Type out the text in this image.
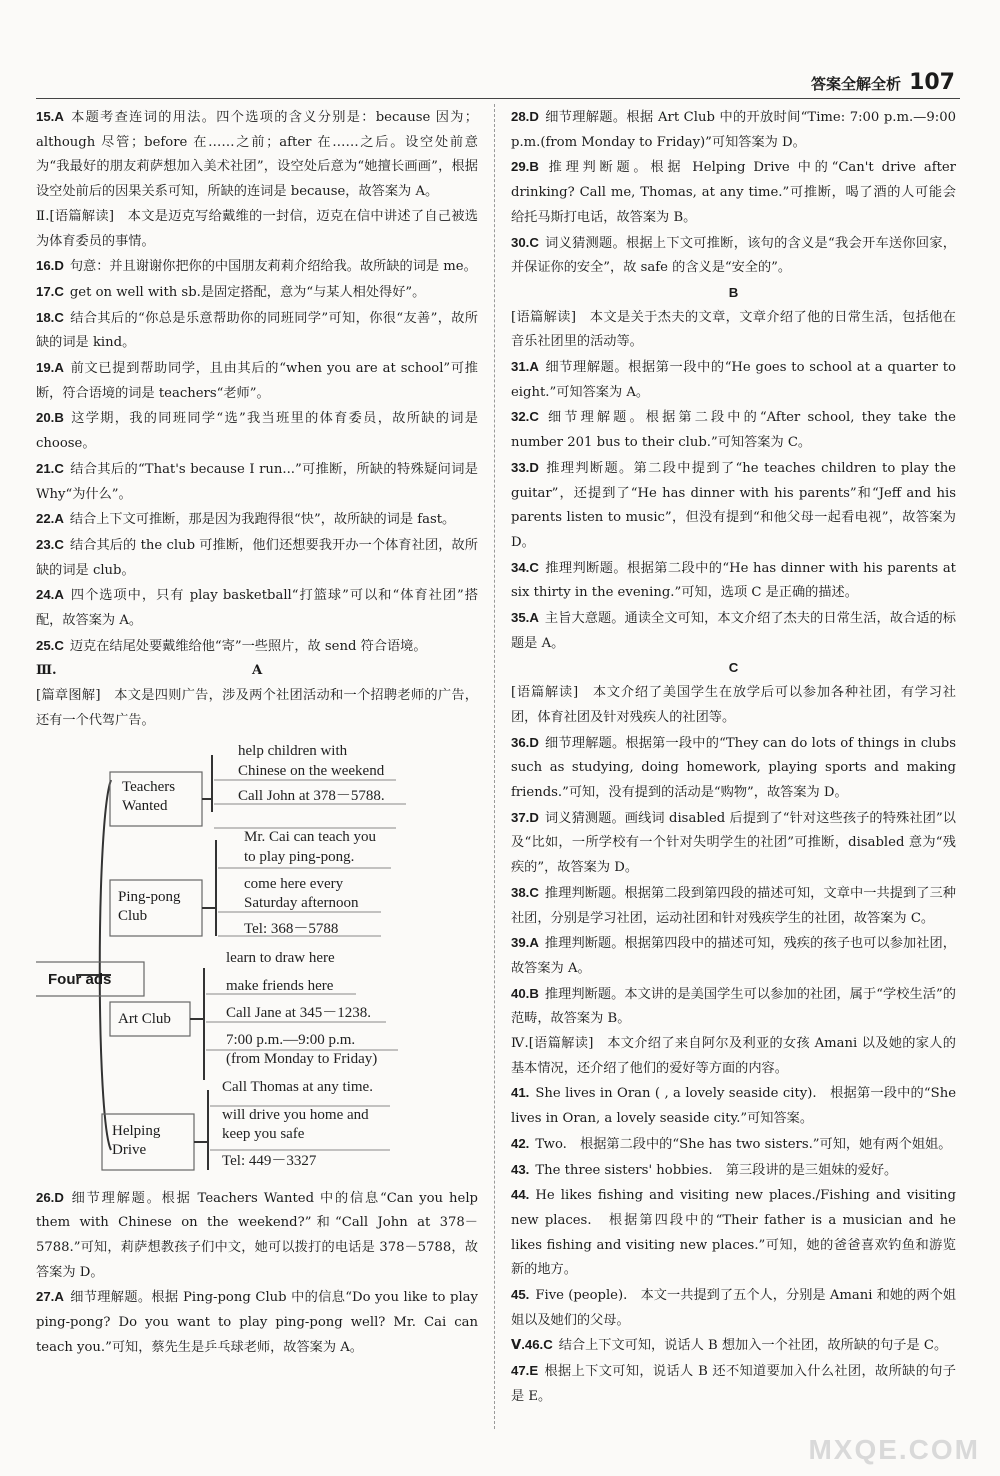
答案全解全析 107

15.A 本题考查连词的用法。四个选项的含义分别是：because 因为；although 尽管；before 在……之前；after 在……之后。设空处前意为“我最好的朋友莉萨想加入美术社团”，设空处后意为“她擅长画画”，根据设空处前后的因果关系可知，所缺的连词是 because，故答案为 A。

Ⅱ.[语篇解读]　本文是迈克写给戴维的一封信，迈克在信中讲述了自己被选为体育委员的事情。

16.D 句意：并且谢谢你把你的中国朋友莉莉介绍给我。故所缺的词是 me。

17.C get on well with sb.是固定搭配，意为“与某人相处得好”。

18.C 结合其后的“你总是乐意帮助你的同班同学”可知，你很“友善”，故所缺的词是 kind。

19.A 前文已提到帮助同学，且由其后的“when you are at school”可推断，符合语境的词是 teachers“老师”。

20.B 这学期，我的同班同学“选”我当班里的体育委员，故所缺的词是 choose。

21.C 结合其后的“That's because I run...”可推断，所缺的特殊疑问词是 Why“为什么”。

22.A 结合上下文可推断，那是因为我跑得很“快”，故所缺的词是 fast。

23.C 结合其后的 the club 可推断，他们还想要我开办一个体育社团，故所缺的词是 club。

24.A 四个选项中，只有 play basketball“打篮球”可以和“体育社团”搭配，故答案为 A。

25.C 迈克在结尾处要戴维给他“寄”一些照片，故 send 符合语境。

Ⅲ.	A

[篇章图解]　本文是四则广告，涉及两个社团活动和一个招聘老师的广告，还有一个代驾广告。

Four ads
Teachers
Wanted
Ping-pong
Club
Art Club
Helping
Drive
help children with
Chinese on the weekend
Call John at 378－5788.
Mr. Cai can teach you
to play ping-pong.
come here every
Saturday afternoon
Tel: 368－5788
learn to draw here
make friends here
Call Jane at 345－1238.
7:00 p.m.—9:00 p.m.
(from Monday to Friday)
Call Thomas at any time.
will drive you home and
keep you safe
Tel: 449－3327

26.D 细节理解题。根据 Teachers Wanted 中的信息“Can you help them with Chinese on the weekend?”和“Call John at 378－5788.”可知，莉萨想教孩子们中文，她可以拨打的电话是 378－5788，故答案为 D。

27.A 细节理解题。根据 Ping-pong Club 中的信息“Do you like to play ping-pong? Do you want to play ping-pong well? Mr. Cai can teach you.”可知，蔡先生是乒乓球老师，故答案为 A。

28.D 细节理解题。根据 Art Club 中的开放时间“Time: 7:00 p.m.—9:00 p.m.(from Monday to Friday)”可知答案为 D。

29.B 推理判断题。根据 Helping Drive 中的“Can't drive after drinking? Call me, Thomas, at any time.”可推断，喝了酒的人可能会给托马斯打电话，故答案为 B。

30.C 词义猜测题。根据上下文可推断，该句的含义是“我会开车送你回家，并保证你的安全”，故 safe 的含义是“安全的”。

B

[语篇解读]　本文是关于杰夫的文章，文章介绍了他的日常生活，包括他在音乐社团里的活动等。

31.A 细节理解题。根据第一段中的“He goes to school at a quarter to eight.”可知答案为 A。

32.C 细节理解题。根据第二段中的“After school, they take the number 201 bus to their club.”可知答案为 C。

33.D 推理判断题。第二段中提到了“he teaches children to play the guitar”，还提到了“He has dinner with his parents”和“Jeff and his parents listen to music”，但没有提到“和他父母一起看电视”，故答案为 D。

34.C 推理判断题。根据第二段中的“He has dinner with his parents at six thirty in the evening.”可知，选项 C 是正确的描述。

35.A 主旨大意题。通读全文可知，本文介绍了杰夫的日常生活，故合适的标题是 A。

C

[语篇解读]　本文介绍了美国学生在放学后可以参加各种社团，有学习社团，体育社团及针对残疾人的社团等。

36.D 细节理解题。根据第一段中的“They can do lots of things in clubs such as studying, doing homework, playing sports and making friends.”可知，没有提到的活动是“购物”，故答案为 D。

37.D 词义猜测题。画线词 disabled 后提到了“针对这些孩子的特殊社团”以及“比如，一所学校有一个针对失明学生的社团”可推断，disabled 意为“残疾的”，故答案为 D。

38.C 推理判断题。根据第二段到第四段的描述可知，文章中一共提到了三种社团，分别是学习社团，运动社团和针对残疾学生的社团，故答案为 C。

39.A 推理判断题。根据第四段中的描述可知，残疾的孩子也可以参加社团，故答案为 A。

40.B 推理判断题。本文讲的是美国学生可以参加的社团，属于“学校生活”的范畴，故答案为 B。

Ⅳ.[语篇解读]　本文介绍了来自阿尔及利亚的女孩 Amani 以及她的家人的基本情况，还介绍了他们的爱好等方面的内容。

41. She lives in Oran ( , a lovely seaside city).　根据第一段中的“She lives in Oran, a lovely seaside city.”可知答案。

42. Two.　根据第二段中的“She has two sisters.”可知，她有两个姐姐。

43. The three sisters' hobbies.　第三段讲的是三姐妹的爱好。

44. He likes fishing and visiting new places./Fishing and visiting new places.　根据第四段中的“Their father is a musician and he likes fishing and visiting new places.”可知，她的爸爸喜欢钓鱼和游览新的地方。

45. Five (people).　本文一共提到了五个人，分别是 Amani 和她的两个姐姐以及她们的父母。

Ⅴ.46.C 结合上下文可知，说话人 B 想加入一个社团，故所缺的句子是 C。

47.E 根据上下文可知，说话人 B 还不知道要加入什么社团，故所缺的句子是 E。

MXQE.COM
